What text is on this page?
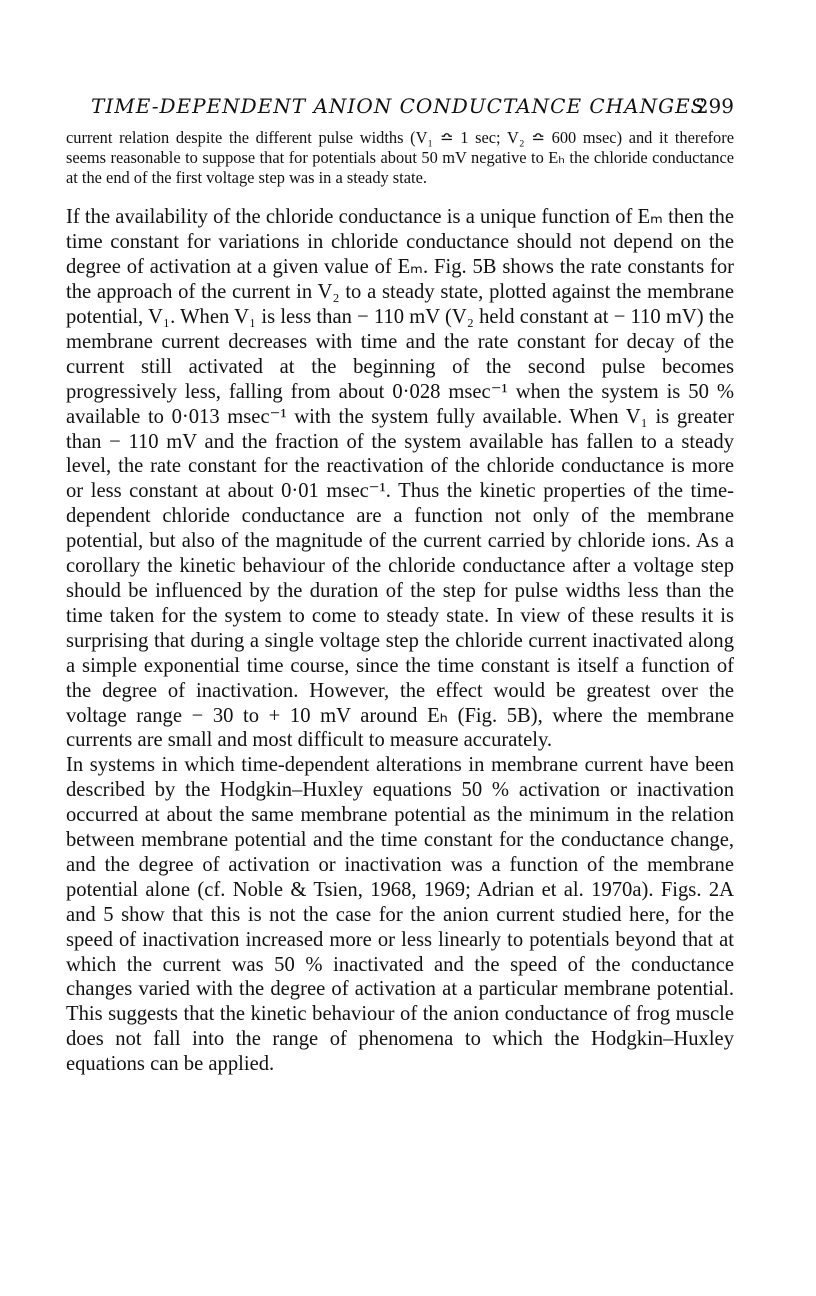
TIME-DEPENDENT ANION CONDUCTANCE CHANGES
299

current relation despite the different pulse widths (V₁ ≏ 1 sec; V₂ ≏ 600 msec) and it therefore seems reasonable to suppose that for potentials about 50 mV negative to Eₕ the chloride conductance at the end of the first voltage step was in a steady state.

If the availability of the chloride conductance is a unique function of Eₘ then the time constant for variations in chloride conductance should not depend on the degree of activation at a given value of Eₘ. Fig. 5B shows the rate constants for the approach of the current in V₂ to a steady state, plotted against the membrane potential, V₁. When V₁ is less than − 110 mV (V₂ held constant at − 110 mV) the membrane current decreases with time and the rate constant for decay of the current still activated at the beginning of the second pulse becomes progressively less, falling from about 0·028 msec⁻¹ when the system is 50 % available to 0·013 msec⁻¹ with the system fully available. When V₁ is greater than − 110 mV and the fraction of the system available has fallen to a steady level, the rate constant for the reactivation of the chloride conductance is more or less constant at about 0·01 msec⁻¹. Thus the kinetic properties of the time-dependent chloride conductance are a function not only of the membrane potential, but also of the magnitude of the current carried by chloride ions. As a corollary the kinetic behaviour of the chloride conductance after a voltage step should be influenced by the duration of the step for pulse widths less than the time taken for the system to come to steady state. In view of these results it is surprising that during a single voltage step the chloride current inactivated along a simple exponential time course, since the time constant is itself a function of the degree of inactivation. However, the effect would be greatest over the voltage range − 30 to + 10 mV around Eₕ (Fig. 5B), where the membrane currents are small and most difficult to measure accurately.

In systems in which time-dependent alterations in membrane current have been described by the Hodgkin–Huxley equations 50 % activation or inactivation occurred at about the same membrane potential as the minimum in the relation between membrane potential and the time constant for the conductance change, and the degree of activation or inactivation was a function of the membrane potential alone (cf. Noble & Tsien, 1968, 1969; Adrian et al. 1970a). Figs. 2A and 5 show that this is not the case for the anion current studied here, for the speed of inactivation increased more or less linearly to potentials beyond that at which the current was 50 % inactivated and the speed of the conductance changes varied with the degree of activation at a particular membrane potential. This suggests that the kinetic behaviour of the anion conductance of frog muscle does not fall into the range of phenomena to which the Hodgkin–Huxley equations can be applied.
